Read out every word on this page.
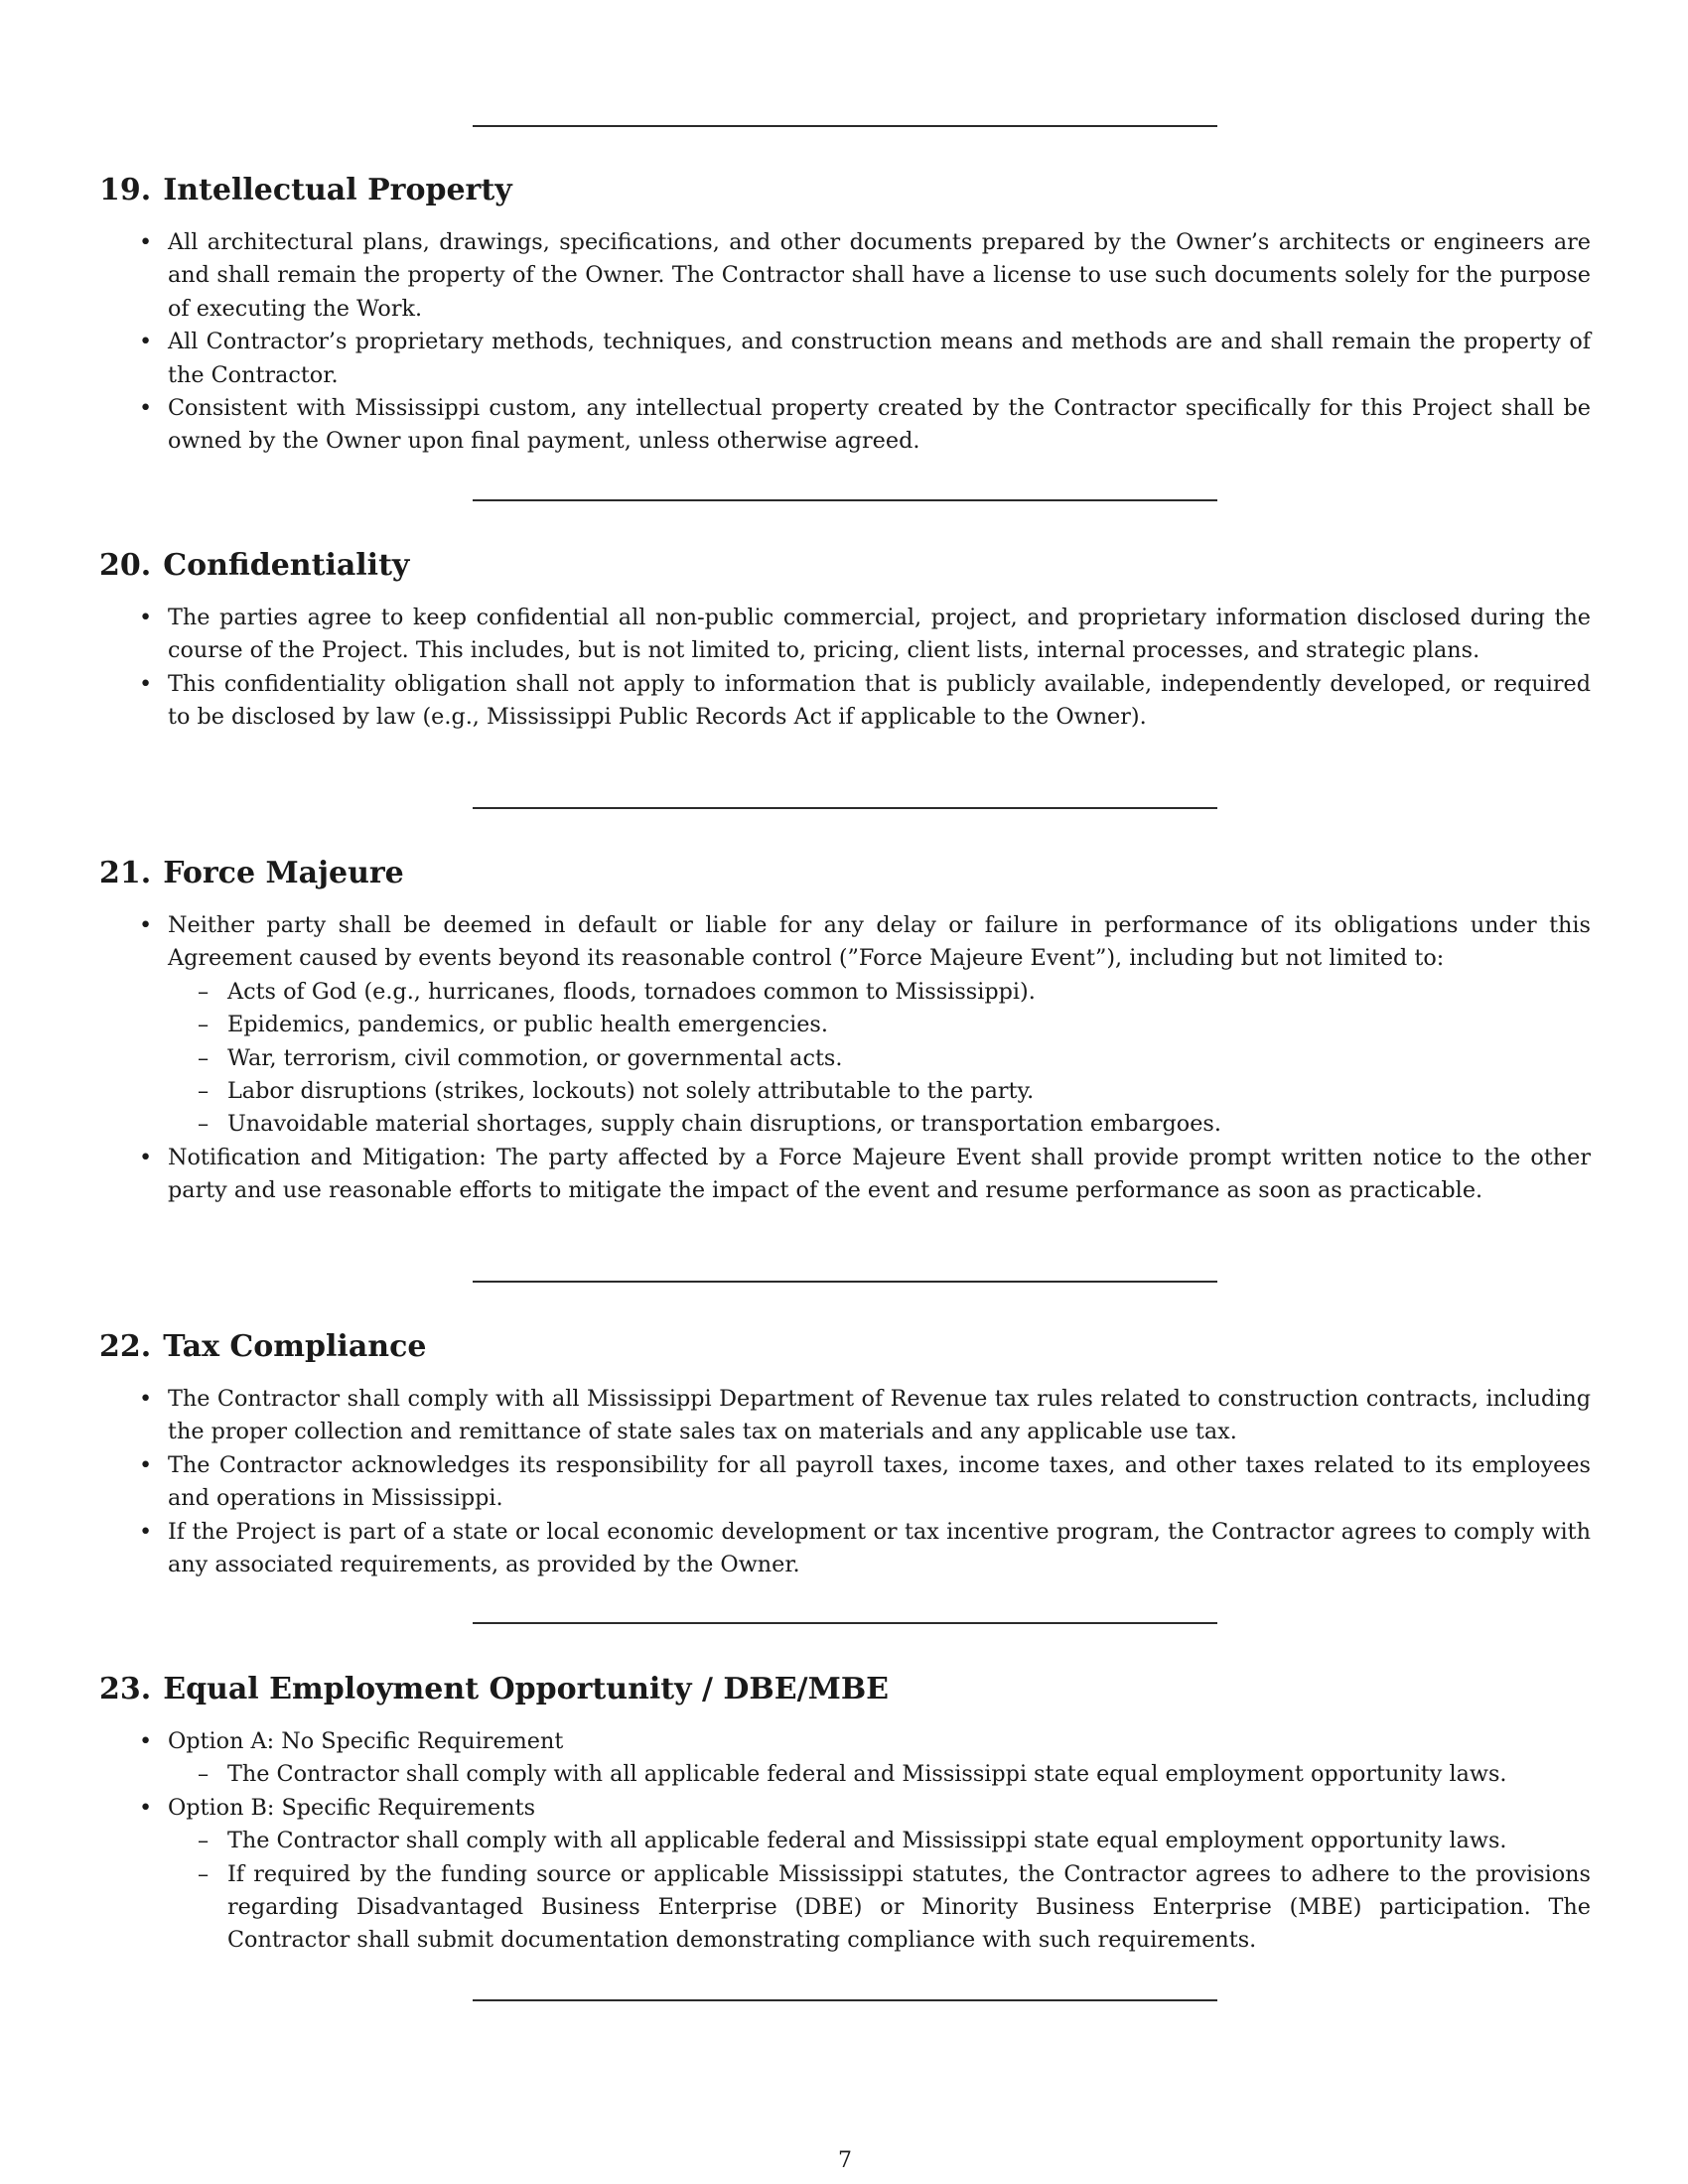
19. Intellectual Property
• All architectural plans, drawings, specifications, and other documents prepared by the Owner’s architects or engineers are and shall remain the property of the Owner. The Contractor shall have a license to use such documents solely for the purpose of executing the Work.
• All Contractor’s proprietary methods, techniques, and construction means and methods are and shall remain the property of the Contractor.
• Consistent with Mississippi custom, any intellectual property created by the Contractor specifically for this Project shall be owned by the Owner upon final payment, unless otherwise agreed.
20. Confidentiality
• The parties agree to keep confidential all non-public commercial, project, and proprietary information disclosed during the course of the Project. This includes, but is not limited to, pricing, client lists, internal processes, and strategic plans.
• This confidentiality obligation shall not apply to information that is publicly available, independently developed, or required to be disclosed by law (e.g., Mississippi Public Records Act if applicable to the Owner).
21. Force Majeure
• Neither party shall be deemed in default or liable for any delay or failure in performance of its obligations under this Agreement caused by events beyond its reasonable control (”Force Majeure Event”), including but not limited to:
– Acts of God (e.g., hurricanes, floods, tornadoes common to Mississippi).
– Epidemics, pandemics, or public health emergencies.
– War, terrorism, civil commotion, or governmental acts.
– Labor disruptions (strikes, lockouts) not solely attributable to the party.
– Unavoidable material shortages, supply chain disruptions, or transportation embargoes.
• Notification and Mitigation: The party affected by a Force Majeure Event shall provide prompt written notice to the other party and use reasonable efforts to mitigate the impact of the event and resume performance as soon as practicable.
22. Tax Compliance
• The Contractor shall comply with all Mississippi Department of Revenue tax rules related to construction contracts, including the proper collection and remittance of state sales tax on materials and any applicable use tax.
• The Contractor acknowledges its responsibility for all payroll taxes, income taxes, and other taxes related to its employees and operations in Mississippi.
• If the Project is part of a state or local economic development or tax incentive program, the Contractor agrees to comply with any associated requirements, as provided by the Owner.
23. Equal Employment Opportunity / DBE/MBE
• Option A: No Specific Requirement
– The Contractor shall comply with all applicable federal and Mississippi state equal employment opportunity laws.
• Option B: Specific Requirements
– The Contractor shall comply with all applicable federal and Mississippi state equal employment opportunity laws.
– If required by the funding source or applicable Mississippi statutes, the Contractor agrees to adhere to the provisions regarding Disadvantaged Business Enterprise (DBE) or Minority Business Enterprise (MBE) participation. The Contractor shall submit documentation demonstrating compliance with such requirements.
7
